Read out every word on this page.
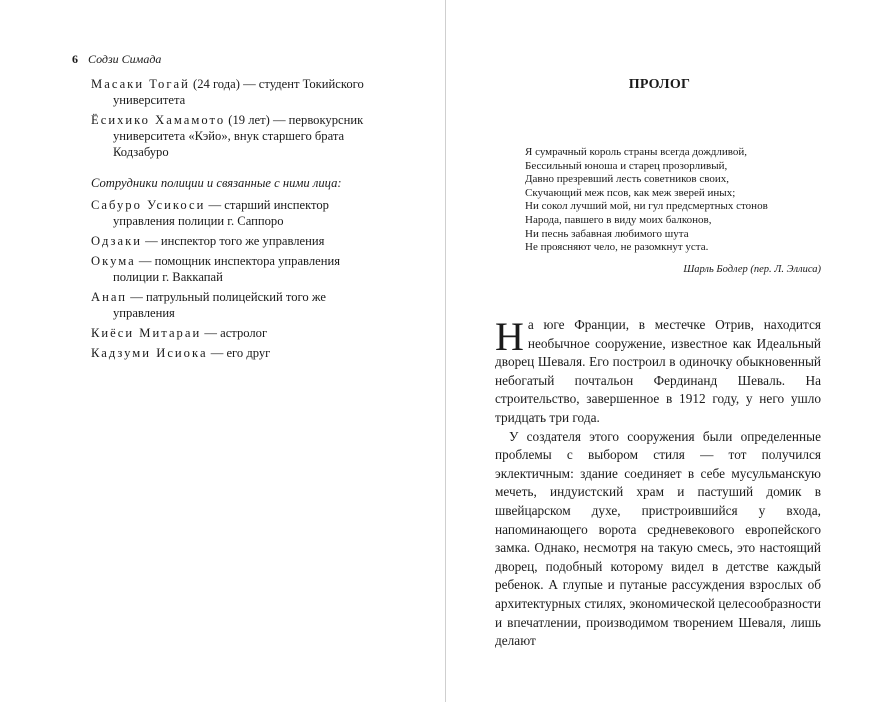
6 Содзи Симада

Масаки Тогай (24 года) — студент Токийского университета

Ёсихико Хамамото (19 лет) — первокурсник университета «Кэйо», внук старшего брата Кодзабуро

Сотрудники полиции и связанные с ними лица:

Сабуро Усикоси — старший инспектор управления полиции г. Саппоро

Одзаки — инспектор того же управления

Окума — помощник инспектора управления полиции г. Ваккапай

Анап — патрульный полицейский того же управления

Киёси Митараи — астролог

Кадзуми Исиока — его друг

ПРОЛОГ
Я сумрачный король страны всегда дождливой,
Бессильный юноша и старец прозорливый,
Давно презревший лесть советников своих,
Скучающий меж псов, как меж зверей иных;
Ни сокол лучший мой, ни гул предсмертных стонов
Народа, павшего в виду моих балконов,
Ни песнь забавная любимого шута
Не проясняют чело, не разомкнут уста.
Шарль Бодлер (пер. Л. Эллиса)

На юге Франции, в местечке Отрив, находится необычное сооружение, известное как Идеальный дворец Шеваля. Его построил в одиночку обыкновенный небогатый почтальон Фердинанд Шеваль. На строительство, завершенное в 1912 году, у него ушло тридцать три года.

У создателя этого сооружения были определенные проблемы с выбором стиля — тот получился эклектичным: здание соединяет в себе мусульманскую мечеть, индуистский храм и пастуший домик в швейцарском духе, пристроившийся у входа, напоминающего ворота средневекового европейского замка. Однако, несмотря на такую смесь, это настоящий дворец, подобный которому видел в детстве каждый ребенок. А глупые и путаные рассуждения взрослых об архитектурных стилях, экономической целесообразности и впечатлении, производимом творением Шеваля, лишь делают
